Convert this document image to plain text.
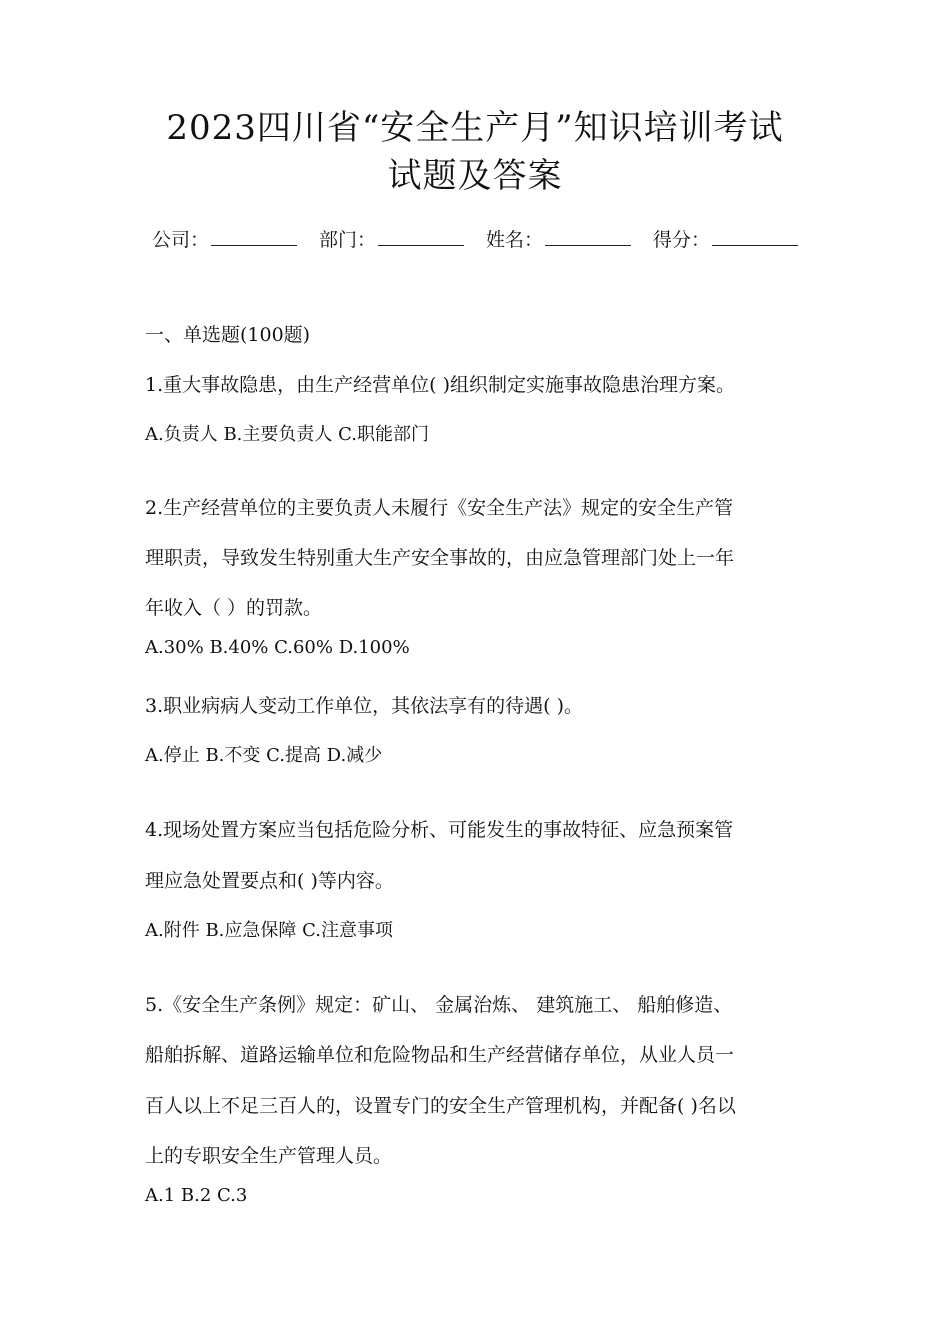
2023四川省“安全生产月”知识培训考试
试题及答案
公司：	部门：	姓名：	得分：
一、单选题(100题)
1.重大事故隐患，由生产经营单位( )组织制定实施事故隐患治理方案。
A.负责人 B.主要负责人 C.职能部门
2.生产经营单位的主要负责人未履行《安全生产法》规定的安全生产管
理职责，导致发生特别重大生产安全事故的，由应急管理部门处上一年
年收入（ ）的罚款。
A.30% B.40% C.60% D.100%
3.职业病病人变动工作单位，其依法享有的待遇( )。
A.停止 B.不变 C.提高 D.减少
4.现场处置方案应当包括危险分析、可能发生的事故特征、应急预案管
理应急处置要点和( )等内容。
A.附件 B.应急保障 C.注意事项
5.《安全生产条例》规定：矿山、 金属治炼、 建筑施工、 船舶修造、
船舶拆解、道路运输单位和危险物品和生产经营储存单位，从业人员一
百人以上不足三百人的，设置专门的安全生产管理机构，并配备( )名以
上的专职安全生产管理人员。
A.1 B.2 C.3
